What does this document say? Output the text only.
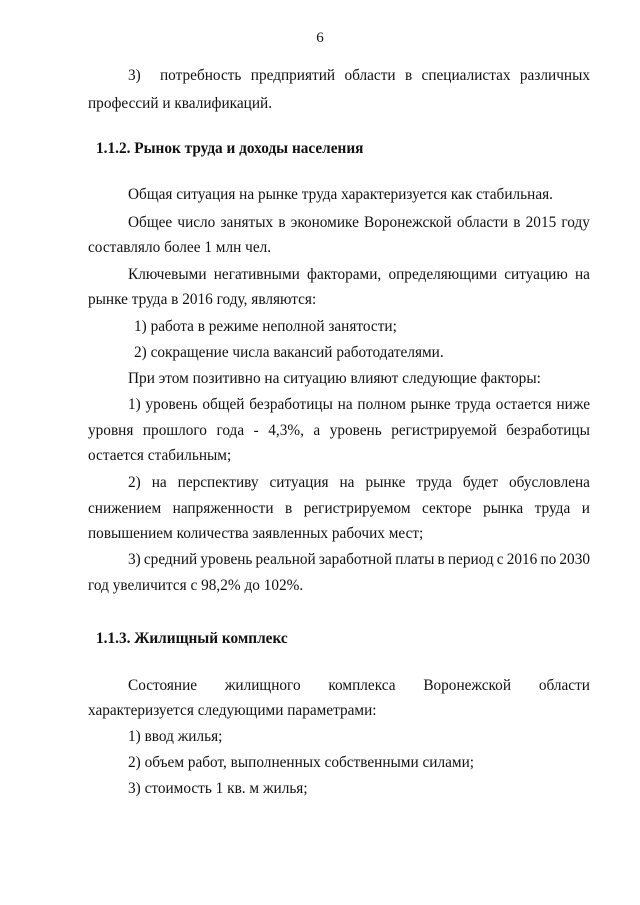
6
3) потребность предприятий области в специалистах различных
профессий и квалификаций.
1.1.2. Рынок труда и доходы населения
Общая ситуация на рынке труда характеризуется как стабильная.
Общее число занятых в экономике Воронежской области в 2015 году
составляло более 1 млн чел.
Ключевыми негативными факторами, определяющими ситуацию на
рынке труда в 2016 году, являются:
1) работа в режиме неполной занятости;
2) сокращение числа вакансий работодателями.
При этом позитивно на ситуацию влияют следующие факторы:
1) уровень общей безработицы на полном рынке труда остается ниже
уровня прошлого года - 4,3%, а уровень регистрируемой безработицы
остается стабильным;
2) на перспективу ситуация на рынке труда будет обусловлена
снижением напряженности в регистрируемом секторе рынка труда и
повышением количества заявленных рабочих мест;
3) средний уровень реальной заработной платы в период с 2016 по 2030
год увеличится с 98,2% до 102%.
1.1.3. Жилищный комплекс
Состояние жилищного комплекса Воронежской области
характеризуется следующими параметрами:
1) ввод жилья;
2) объем работ, выполненных собственными силами;
3) стоимость 1 кв. м жилья;
